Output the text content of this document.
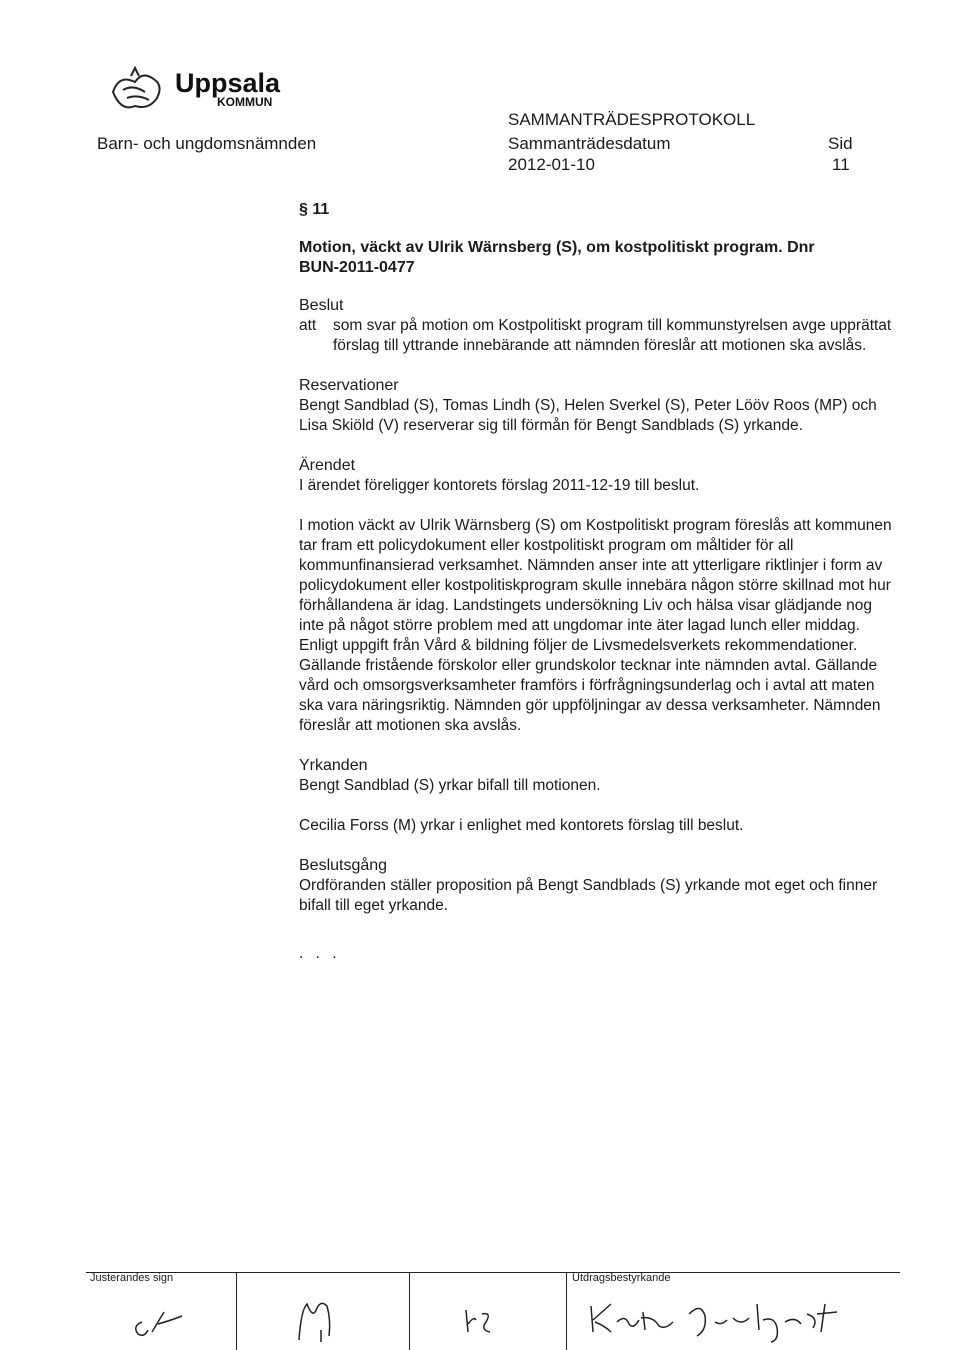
Uppsala
KOMMUN
Barn- och ungdomsnämnden
SAMMANTRÄDESPROTOKOLL
Sammanträdesdatum
2012-01-10
Sid
11
§ 11
Motion, väckt av Ulrik Wärnsberg (S), om kostpolitiskt program. Dnr
BUN-2011-0477
Beslut
att	som svar på motion om Kostpolitiskt program till kommunstyrelsen avge upprättat förslag till yttrande innebärande att nämnden föreslår att motionen ska avslås.
Reservationer
Bengt Sandblad (S), Tomas Lindh (S), Helen Sverkel (S), Peter Lööv Roos (MP) och Lisa Skiöld (V) reserverar sig till förmån för Bengt Sandblads (S) yrkande.
Ärendet
I ärendet föreligger kontorets förslag 2011-12-19 till beslut.
I motion väckt av Ulrik Wärnsberg (S) om Kostpolitiskt program föreslås att kommunen tar fram ett policydokument eller kostpolitiskt program om måltider för all kommunfinansierad verksamhet. Nämnden anser inte att ytterligare riktlinjer i form av policydokument eller kostpolitiskprogram skulle innebära någon större skillnad mot hur förhållandena är idag. Landstingets undersökning Liv och hälsa visar glädjande nog inte på något större problem med att ungdomar inte äter lagad lunch eller middag. Enligt uppgift från Vård & bildning följer de Livsmedelsverkets rekommendationer. Gällande fristående förskolor eller grundskolor tecknar inte nämnden avtal. Gällande vård och omsorgsverksamheter framförs i förfrågningsunderlag och i avtal att maten ska vara näringsriktig. Nämnden gör uppföljningar av dessa verksamheter. Nämnden föreslår att motionen ska avslås.
Yrkanden
Bengt Sandblad (S) yrkar bifall till motionen.
Cecilia Forss (M) yrkar i enlighet med kontorets förslag till beslut.
Beslutsgång
Ordföranden ställer proposition på Bengt Sandblads (S) yrkande mot eget och finner bifall till eget yrkande.
. . .
Justerandes sign	Utdragsbestyrkande
